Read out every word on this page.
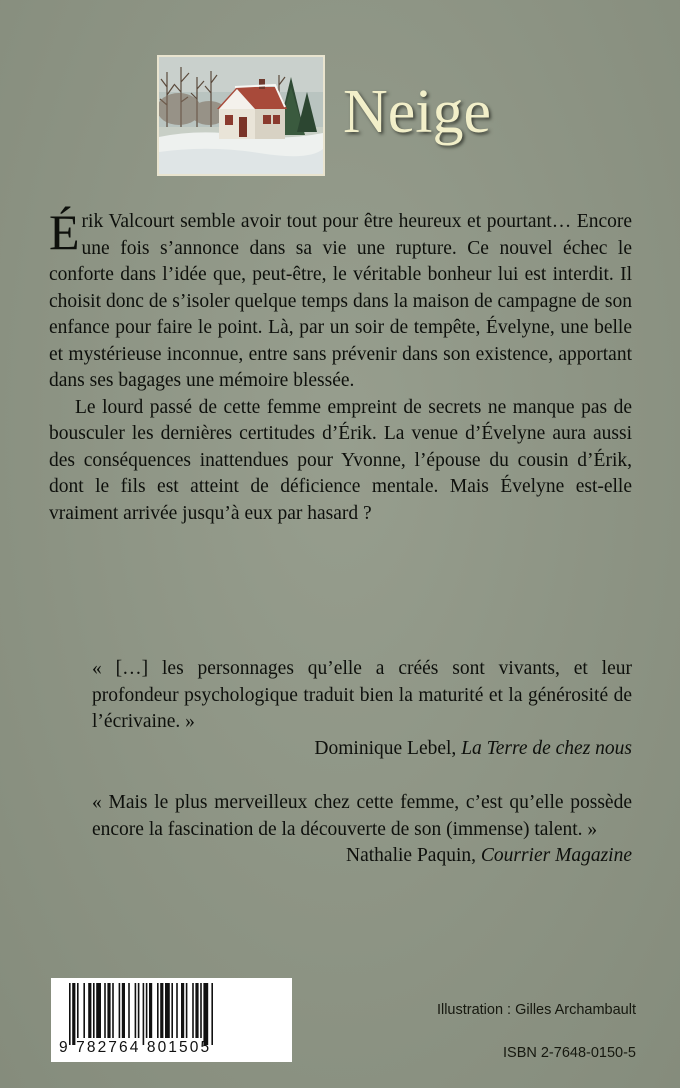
Neige

Érik Valcourt semble avoir tout pour être heureux et pourtant… Encore une fois s’annonce dans sa vie une rupture. Ce nouvel échec le conforte dans l’idée que, peut-être, le véritable bonheur lui est interdit. Il choisit donc de s’isoler quelque temps dans la maison de campagne de son enfance pour faire le point. Là, par un soir de tempête, Évelyne, une belle et mystérieuse inconnue, entre sans prévenir dans son existence, apportant dans ses bagages une mémoire blessée.

Le lourd passé de cette femme empreint de secrets ne manque pas de bousculer les dernières certitudes d’Érik. La venue d’Évelyne aura aussi des conséquences inattendues pour Yvonne, l’épouse du cousin d’Érik, dont le fils est atteint de déficience mentale. Mais Évelyne est-elle vraiment arrivée jusqu’à eux par hasard ?

« […] les personnages qu’elle a créés sont vivants, et leur profondeur psychologique traduit bien la maturité et la générosité de l’écrivaine. »

Dominique Lebel, La Terre de chez nous

« Mais le plus merveilleux chez cette femme, c’est qu’elle possède encore la fascination de la découverte de son (immense) talent. »

Nathalie Paquin, Courrier Magazine

9 782764 801505
Illustration : Gilles Archambault
ISBN 2-7648-0150-5
